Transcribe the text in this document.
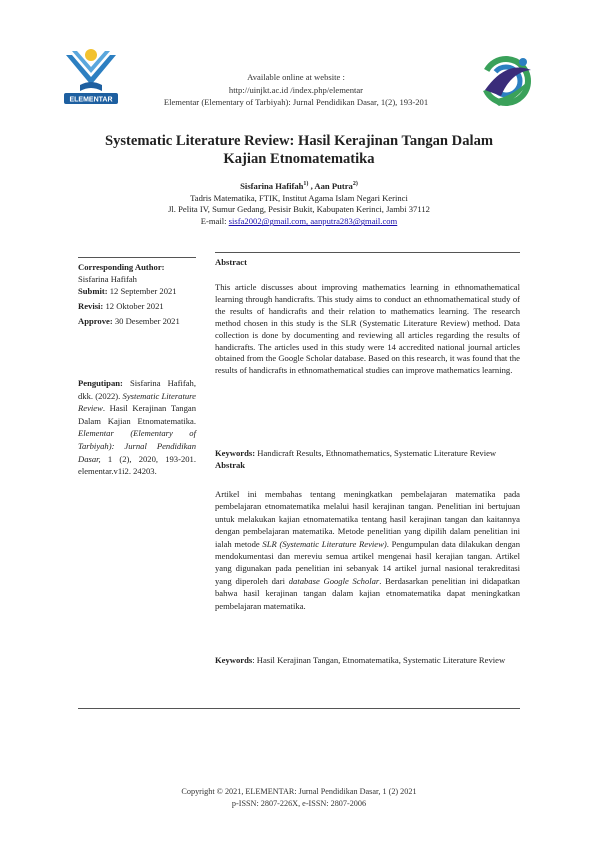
ELEMENTAR
Available online at website :
http://uinjkt.ac.id /index.php/elementar
Elementar (Elementary of Tarbiyah): Jurnal Pendidikan Dasar, 1(2), 193-201
Systematic Literature Review: Hasil Kerajinan Tangan Dalam
Kajian Etnomatematika
Sisfarina Hafifah$^{1)}$ , Aan Putra$^{2)}$
Tadris Matematika, FTIK, Institut Agama Islam Negari Kerinci
Jl. Pelita IV, Sumur Gedang, Pesisir Bukit, Kabupaten Kerinci, Jambi 37112
E-mail: sisfa2002@gmail.com, aanputra283@gmail.com
Corresponding Author:
Sisfarina Hafifah
Submit: 12 September 2021
Revisi: 12 Oktober 2021
Approve: 30 Desember 2021
Pengutipan: Sisfarina Hafifah, dkk. (2022). Systematic Literature Review. Hasil Kerajinan Tangan Dalam Kajian Etnomatematika. Elementar (Elementary of Tarbiyah): Jurnal Pendidikan Dasar, 1 (2), 2020, 193-201. elementar.v1i2. 24203.
Abstract
This article discusses about improving mathematics learning in ethnomathematical learning through handicrafts. This study aims to conduct an ethnomathematical study of the results of handicrafts and their relation to mathematics learning. The research method chosen in this study is the SLR (Systematic Literature Review) method. Data collection is done by documenting and reviewing all articles regarding the results of handicrafts. The articles used in this study were 14 accredited national journal articles obtained from the Google Scholar database. Based on this research, it was found that the results of handicrafts in ethnomathematical studies can improve mathematics learning.
Keywords: Handicraft Results, Ethnomathematics, Systematic Literature Review
Abstrak
Artikel ini membahas tentang meningkatkan pembelajaran matematika pada pembelajaran etnomatematika melalui hasil kerajinan tangan. Penelitian ini bertujuan untuk melakukan kajian etnomatematika tentang hasil kerajinan tangan dan kaitannya dengan pembelajaran matematika. Metode penelitian yang dipilih dalam penelitian ini ialah metode SLR (Systematic Literature Review). Pengumpulan data dilakukan dengan mendokumentasi dan mereviu semua artikel mengenai hasil kerajian tangan. Artikel yang digunakan pada penelitian ini sebanyak 14 artikel jurnal nasional terakreditasi yang diperoleh dari database Google Scholar. Berdasarkan penelitian ini didapatkan bahwa hasil kerajinan tangan dalam kajian etnomatematika dapat meningkatkan pembelajaran matematika.
Keywords: Hasil Kerajinan Tangan, Etnomatematika, Systematic Literature Review
Copyright © 2021, ELEMENTAR: Jurnal Pendidikan Dasar, 1 (2) 2021
p-ISSN: 2807-226X, e-ISSN: 2807-2006
